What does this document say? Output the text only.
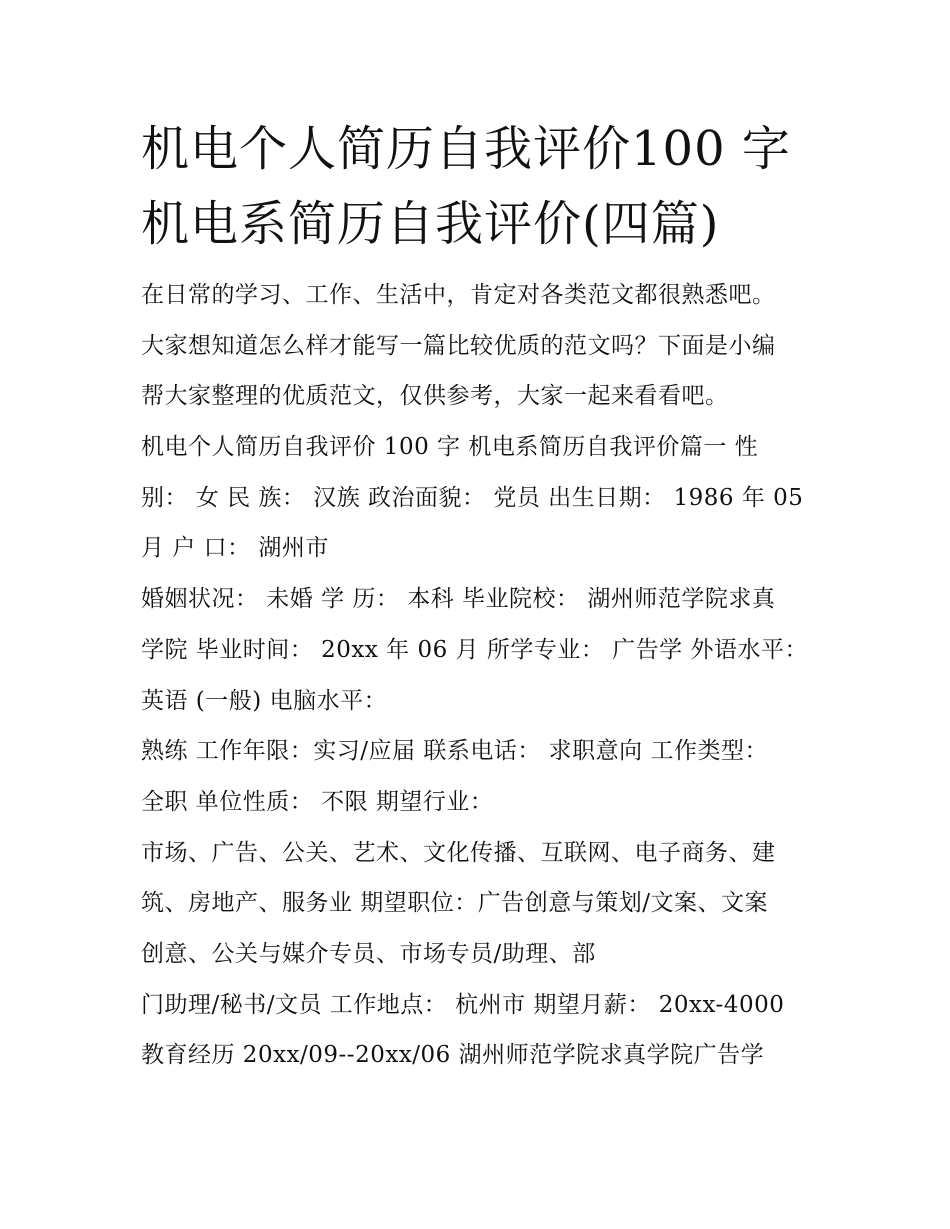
机电个人简历自我评价100 字
机电系简历自我评价(四篇)
在日常的学习、工作、生活中，肯定对各类范文都很熟悉吧。
大家想知道怎么样才能写一篇比较优质的范文吗？下面是小编
帮大家整理的优质范文，仅供参考，大家一起来看看吧。
机电个人简历自我评价 100 字 机电系简历自我评价篇一 性
别： 女 民 族： 汉族 政治面貌： 党员 出生日期： 1986 年 05
月 户 口： 湖州市
婚姻状况： 未婚 学 历： 本科 毕业院校： 湖州师范学院求真
学院 毕业时间： 20xx 年 06 月 所学专业： 广告学 外语水平：
英语 (一般) 电脑水平：
熟练 工作年限：实习/应届 联系电话： 求职意向 工作类型：
全职 单位性质： 不限 期望行业：
市场、广告、公关、艺术、文化传播、互联网、电子商务、建
筑、房地产、服务业 期望职位：广告创意与策划/文案、文案
创意、公关与媒介专员、市场专员/助理、部
门助理/秘书/文员 工作地点： 杭州市 期望月薪： 20xx-4000
教育经历 20xx/09--20xx/06 湖州师范学院求真学院广告学
